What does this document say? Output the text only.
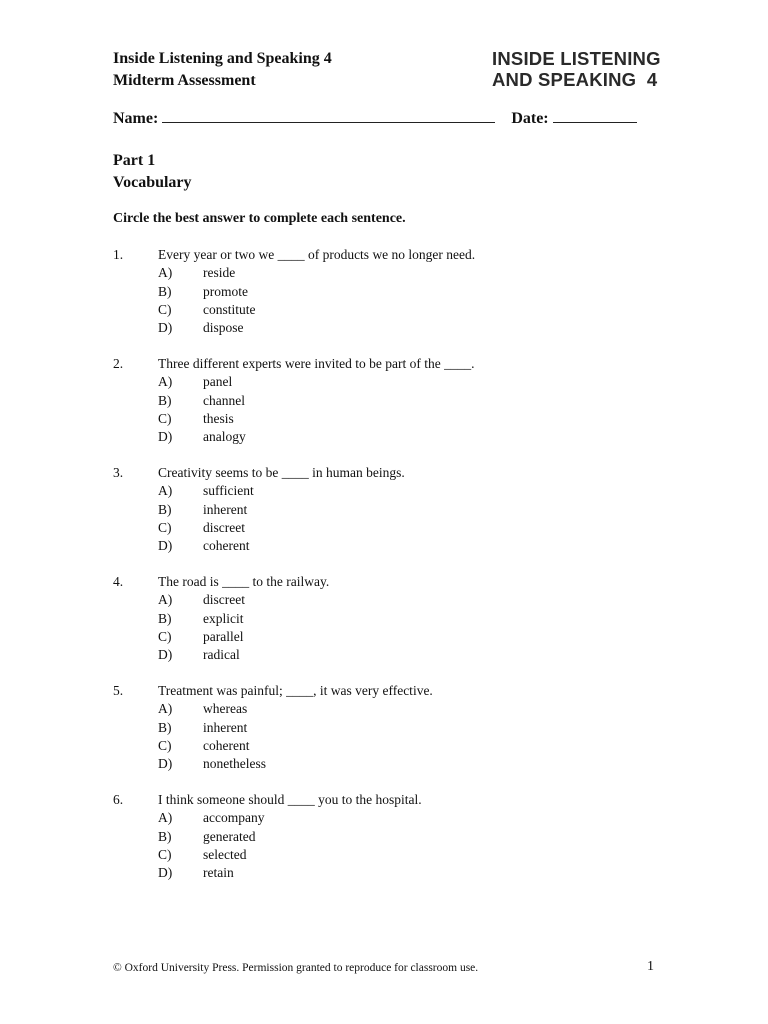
Inside Listening and Speaking 4
Midterm Assessment
INSIDE LISTENING
AND SPEAKING  4
Name:	Date:
Part 1
Vocabulary
Circle the best answer to complete each sentence.
1.	Every year or two we ____ of products we no longer need.
A) reside
B) promote
C) constitute
D) dispose
2.	Three different experts were invited to be part of the ____.
A) panel
B) channel
C) thesis
D) analogy
3.	Creativity seems to be ____ in human beings.
A) sufficient
B) inherent
C) discreet
D) coherent
4.	The road is ____ to the railway.
A) discreet
B) explicit
C) parallel
D) radical
5.	Treatment was painful; ____, it was very effective.
A) whereas
B) inherent
C) coherent
D) nonetheless
6.	I think someone should ____ you to the hospital.
A) accompany
B) generated
C) selected
D) retain
© Oxford University Press. Permission granted to reproduce for classroom use.	1
